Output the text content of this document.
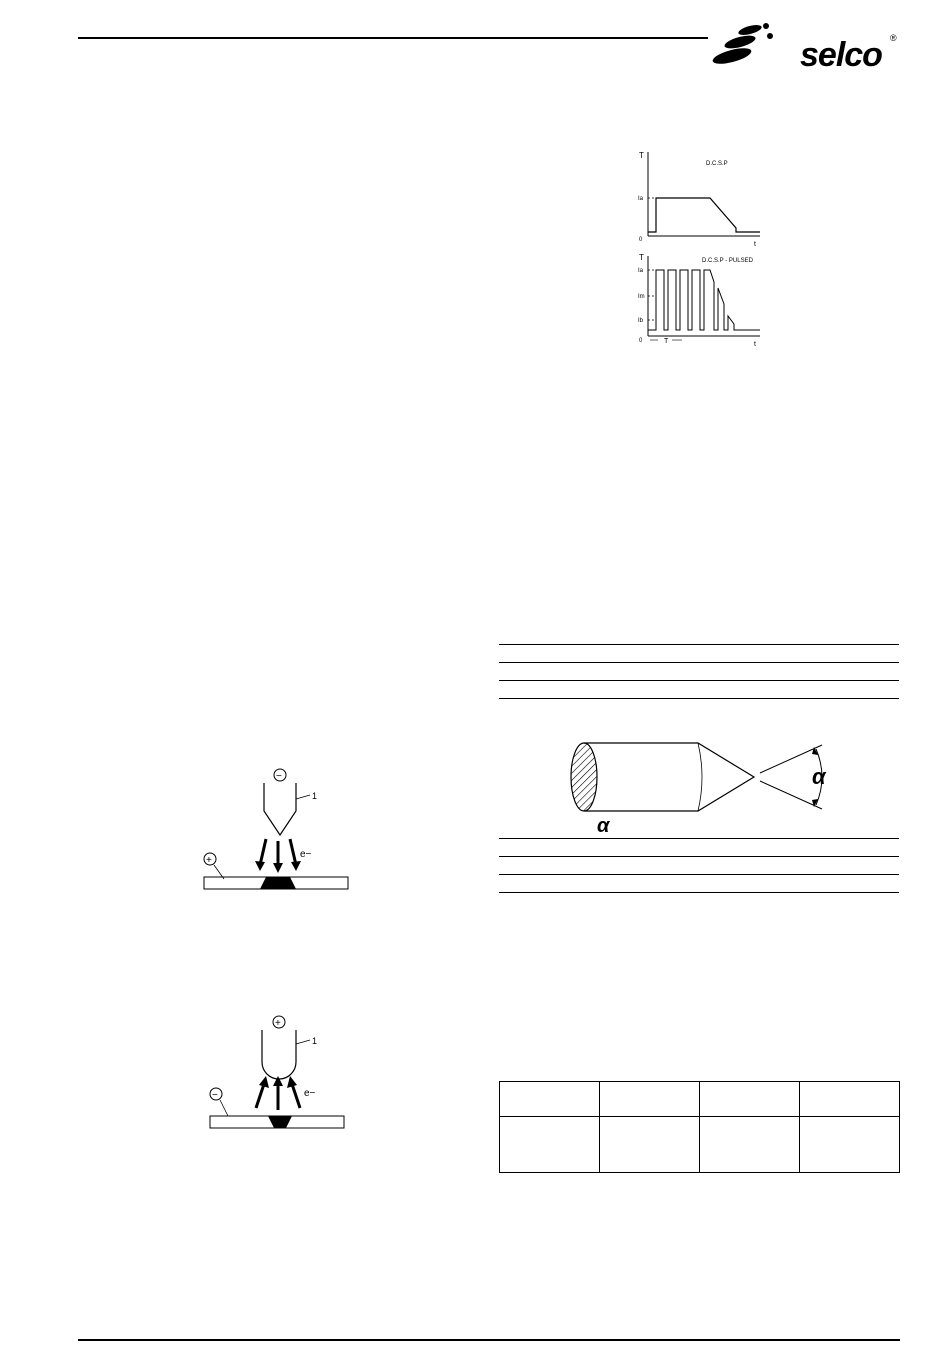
selco ®
T
Ia
0
t
D.C.S.P
T
Ia
Im
Ib
0	T	t
D.C.S.P - PULSED
α
α
−
1
e−
+
+
1
e−
−
